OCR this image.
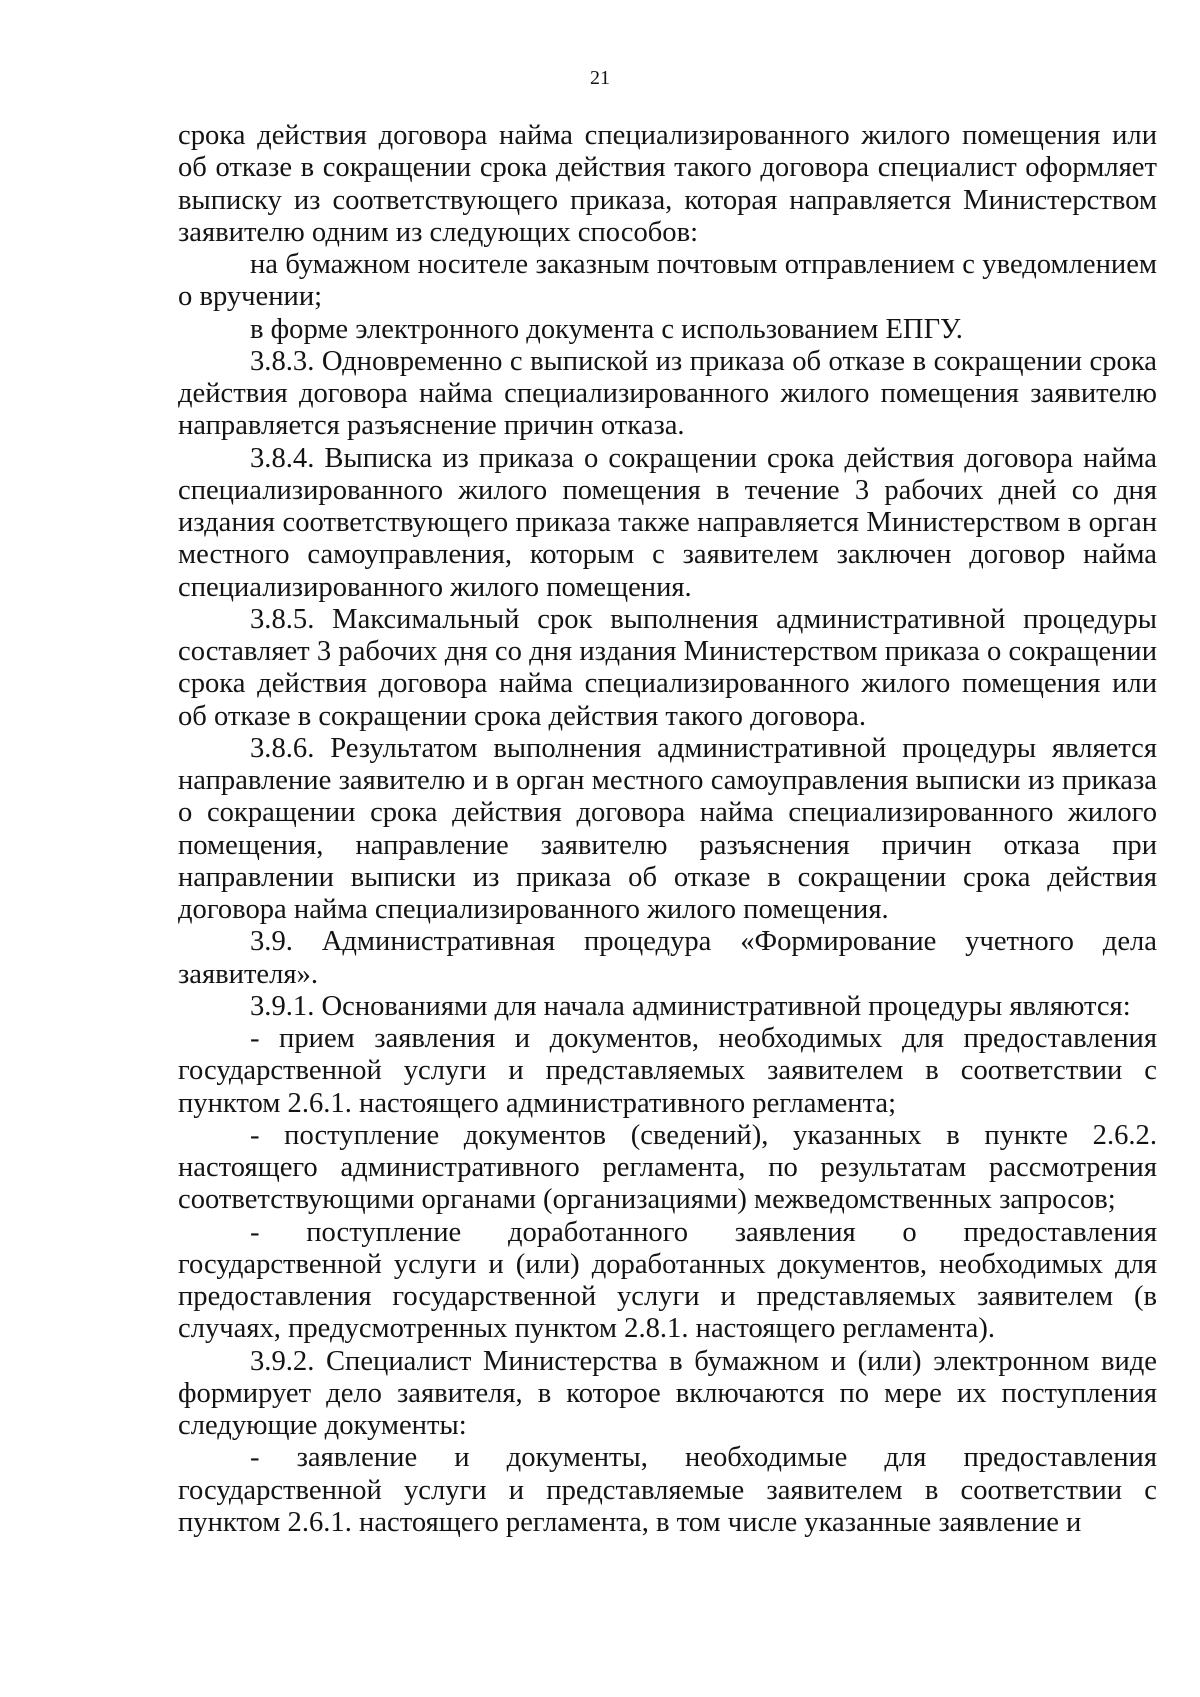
21

срока действия договора найма специализированного жилого помещения или об отказе в сокращении срока действия такого договора специалист оформляет выписку из соответствующего приказа, которая направляется Министерством заявителю одним из следующих способов:

на бумажном носителе заказным почтовым отправлением с уведомлением о вручении;

в форме электронного документа с использованием ЕПГУ.

3.8.3. Одновременно с выпиской из приказа об отказе в сокращении срока действия договора найма специализированного жилого помещения заявителю направляется разъяснение причин отказа.

3.8.4. Выписка из приказа о сокращении срока действия договора найма специализированного жилого помещения в течение 3 рабочих дней со дня издания соответствующего приказа также направляется Министерством в орган местного самоуправления, которым с заявителем заключен договор найма специализированного жилого помещения.

3.8.5. Максимальный срок выполнения административной процедуры составляет 3 рабочих дня со дня издания Министерством приказа о сокращении срока действия договора найма специализированного жилого помещения или об отказе в сокращении срока действия такого договора.

3.8.6. Результатом выполнения административной процедуры является направление заявителю и в орган местного самоуправления выписки из приказа о сокращении срока действия договора найма специализированного жилого помещения, направление заявителю разъяснения причин отказа при направлении выписки из приказа об отказе в сокращении срока действия договора найма специализированного жилого помещения.

3.9. Административная процедура «Формирование учетного дела заявителя».

3.9.1. Основаниями для начала административной процедуры являются:

- прием заявления и документов, необходимых для предоставления государственной услуги и представляемых заявителем в соответствии с пунктом 2.6.1. настоящего административного регламента;

- поступление документов (сведений), указанных в пункте 2.6.2. настоящего административного регламента, по результатам рассмотрения соответствующими органами (организациями) межведомственных запросов;

- поступление доработанного заявления о предоставления государственной услуги и (или) доработанных документов, необходимых для предоставления государственной услуги и представляемых заявителем (в случаях, предусмотренных пунктом 2.8.1. настоящего регламента).

3.9.2. Специалист Министерства в бумажном и (или) электронном виде формирует дело заявителя, в которое включаются по мере их поступления следующие документы:

- заявление и документы, необходимые для предоставления государственной услуги и представляемые заявителем в соответствии с пунктом 2.6.1. настоящего регламента, в том числе указанные заявление и
